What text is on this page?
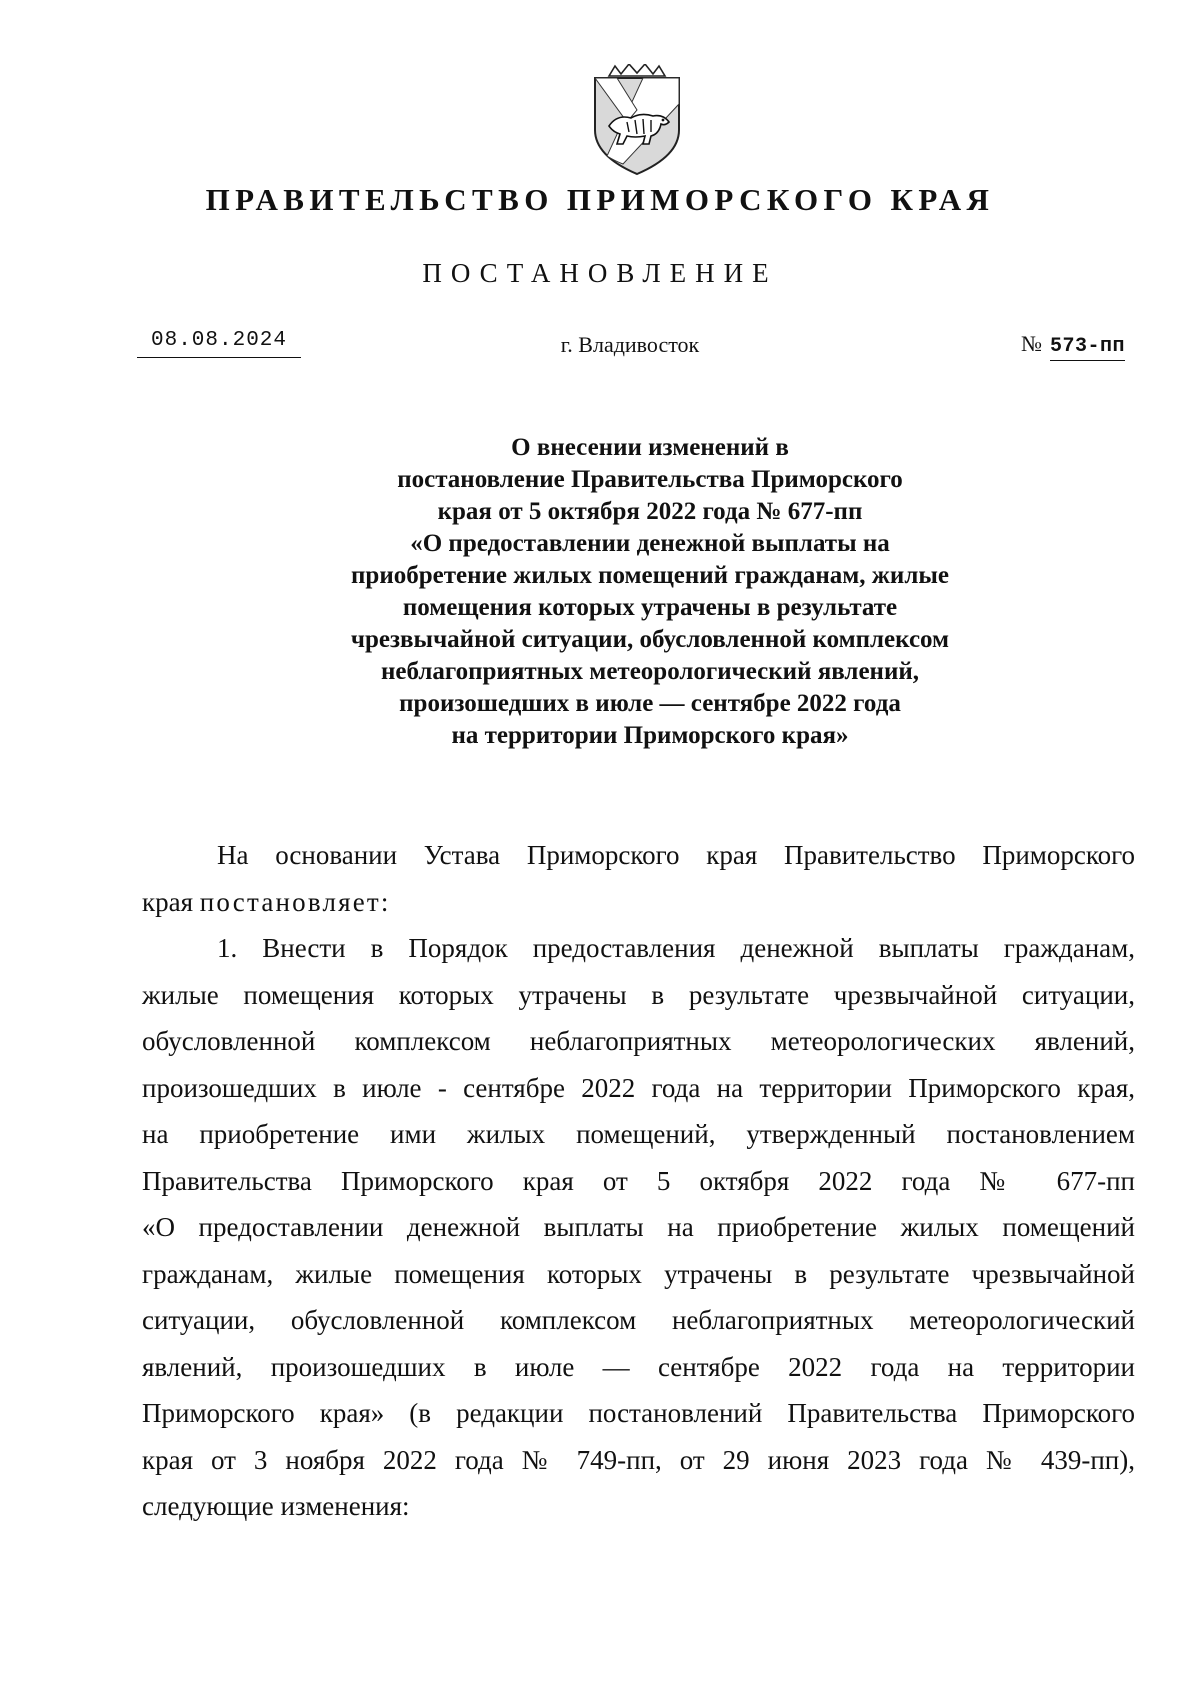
ПРАВИТЕЛЬСТВО ПРИМОРСКОГО КРАЯ
ПОСТАНОВЛЕНИЕ
08.08.2024	г. Владивосток	№ 573-пп
О внесении изменений в
постановление Правительства Приморского
края от 5 октября 2022 года № 677-пп
«О предоставлении денежной выплаты на
приобретение жилых помещений гражданам, жилые
помещения которых утрачены в результате
чрезвычайной ситуации, обусловленной комплексом
неблагоприятных метеорологический явлений,
произошедших в июле — сентябре 2022 года
на территории Приморского края»
На основании Устава Приморского края Правительство Приморского
края постановляет:
1. Внести в Порядок предоставления денежной выплаты гражданам,
жилые помещения которых утрачены в результате чрезвычайной ситуации,
обусловленной комплексом неблагоприятных метеорологических явлений,
произошедших в июле - сентябре 2022 года на территории Приморского края,
на приобретение ими жилых помещений, утвержденный постановлением
Правительства Приморского края от 5 октября 2022 года № 677-пп
«О предоставлении денежной выплаты на приобретение жилых помещений
гражданам, жилые помещения которых утрачены в результате чрезвычайной
ситуации, обусловленной комплексом неблагоприятных метеорологический
явлений, произошедших в июле — сентябре 2022 года на территории
Приморского края» (в редакции постановлений Правительства Приморского
края от 3 ноября 2022 года № 749-пп, от 29 июня 2023 года № 439-пп),
следующие изменения:
